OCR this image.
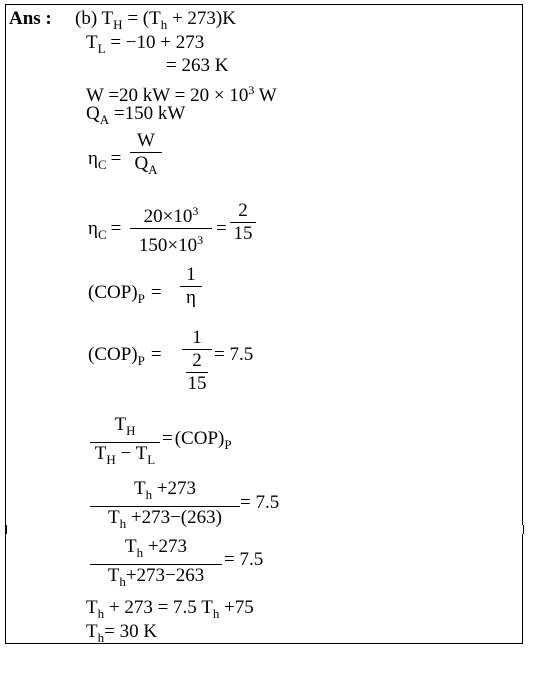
Ans : (b) $T_H = (T_h + 273)K$
$T_L = -10 + 273$
= 263 K
W =20 kW = $20 \times 10^3$ W
$Q_A =150$ kW
$\eta_C$ =
W
$Q_A$
$\eta_C$ =
$20\times 10^3$
$150\times 10^3$
=
2
15
$(COP)_P$ =
1
η
$(COP)_P$ =
1
2
15
= 7.5
$T_H$
$T_H - T_L$
= $(COP)_P$
$T_h +273$
$T_h +273-(263)$
= 7.5
$T_h +273$
$T_h+273-263$
= 7.5
$T_h + 273 = 7.5$ $T_h +75$
$T_h= 30$ K
